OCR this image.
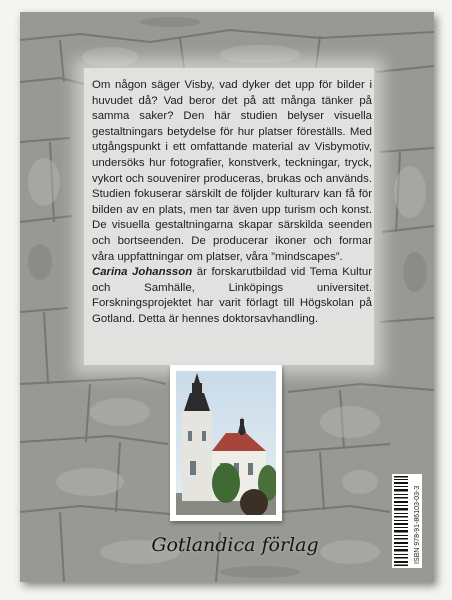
Om någon säger Visby, vad dyker det upp för bilder i huvudet då? Vad beror det på att många tänker på samma saker? Den här studien belyser visuella gestaltningars betydelse för hur platser föreställs. Med utgångspunkt i ett omfattande material av Visbymotiv, undersöks hur fotografier, konstverk, teckningar, tryck, vykort och souvenirer produceras, brukas och används. Studien fokuserar särskilt de följder kulturarv kan få för bilden av en plats, men tar även upp turism och konst. De visuella gestaltningarna skapar särskilda seenden och bortseenden. De producerar ikoner och formar våra uppfattningar om platser, våra ”mindscapes”.

Carina Johansson är forskarutbildad vid Tema Kultur och Samhälle, Linköpings universitet. Forskningsprojektet har varit förlagt till Högskolan på Gotland. Detta är hennes doktorsavhandling.

ISBN 978-91-86103-03-3
Gotlandica förlag
